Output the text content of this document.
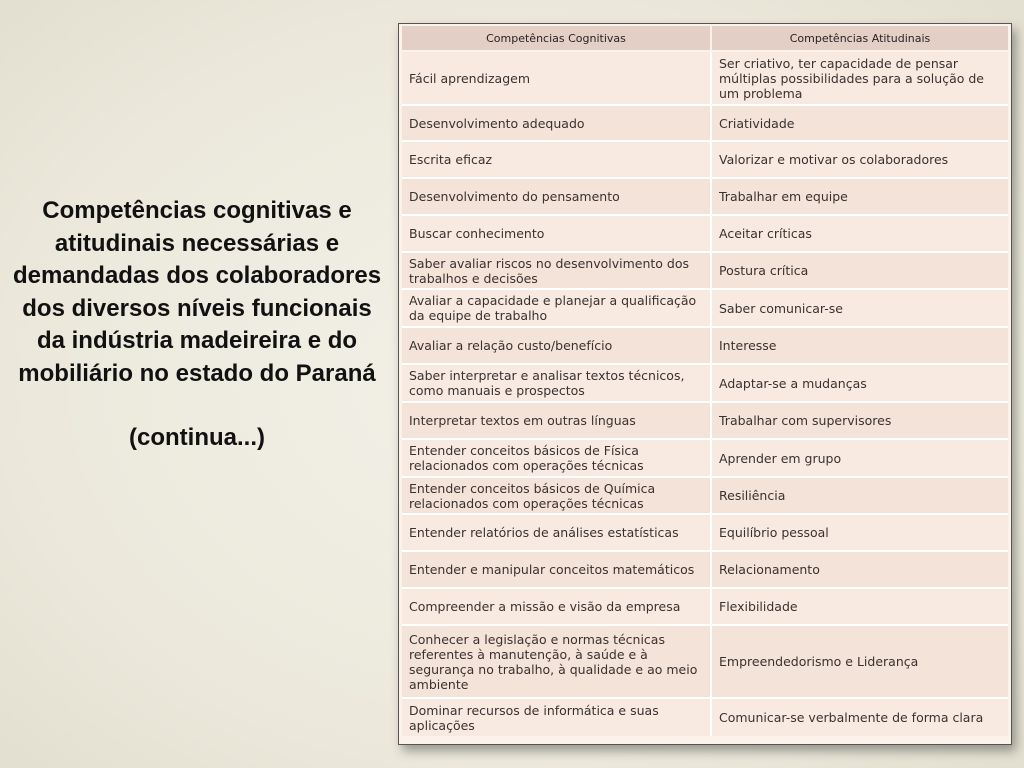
Competências cognitivas e atitudinais necessárias e demandadas dos colaboradores dos diversos níveis funcionais da indústria madeireira e do mobiliário no estado do Paraná

(continua...)

Competências Cognitivas	Competências Atitudinais
Fácil aprendizagem	Ser criativo, ter capacidade de pensar múltiplas possibilidades para a solução de um problema
Desenvolvimento adequado	Criatividade
Escrita eficaz	Valorizar e motivar os colaboradores
Desenvolvimento do pensamento	Trabalhar em equipe
Buscar conhecimento	Aceitar críticas
Saber avaliar riscos no desenvolvimento dos trabalhos e decisões	Postura crítica
Avaliar a capacidade e planejar a qualificação da equipe de trabalho	Saber comunicar-se
Avaliar a relação custo/benefício	Interesse
Saber interpretar e analisar textos técnicos, como manuais e prospectos	Adaptar-se a mudanças
Interpretar textos em outras línguas	Trabalhar com supervisores
Entender conceitos básicos de Física relacionados com operações técnicas	Aprender em grupo
Entender conceitos básicos de Química relacionados com operações técnicas	Resiliência
Entender relatórios de análises estatísticas	Equilíbrio pessoal
Entender e manipular conceitos matemáticos	Relacionamento
Compreender a missão e visão da empresa	Flexibilidade
Conhecer a legislação e normas técnicas referentes à manutenção, à saúde e à segurança no trabalho, à qualidade e ao meio ambiente	Empreendedorismo e Liderança
Dominar recursos de informática e suas aplicações	Comunicar-se verbalmente de forma clara
